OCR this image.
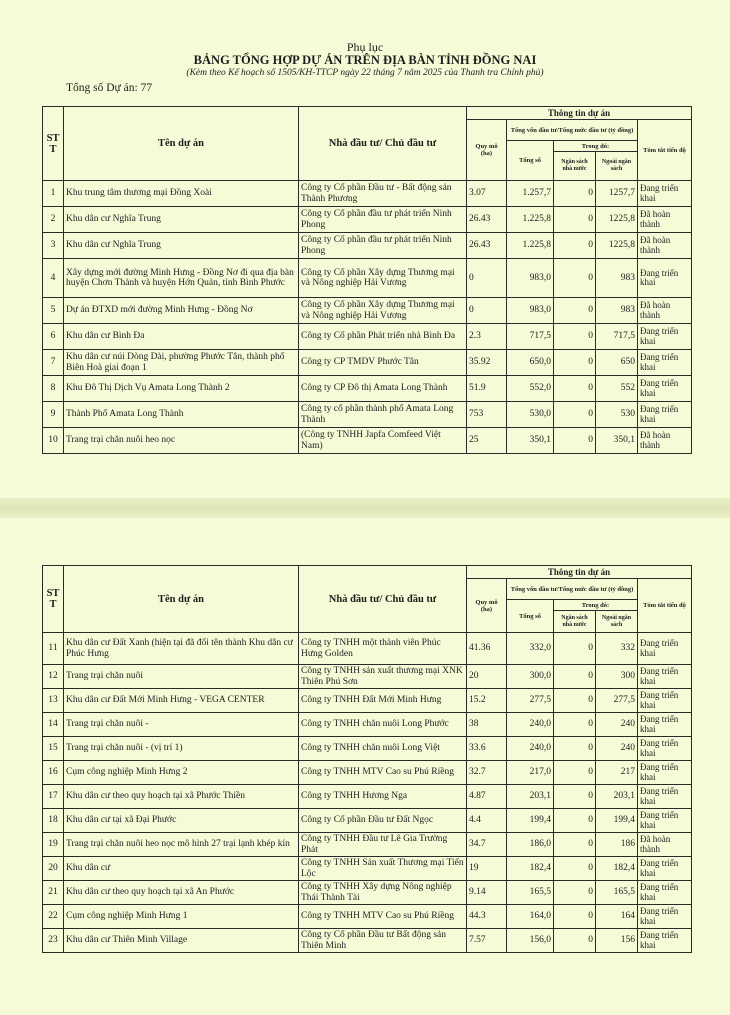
Phụ lục
BẢNG TỔNG HỢP DỰ ÁN TRÊN ĐỊA BÀN TỈNH ĐỒNG NAI
(Kèm theo Kế hoạch số 1505/KH-TTCP ngày 22 tháng 7 năm 2025 của Thanh tra Chính phủ)
Tổng số Dự án: 77
ST T	Tên dự án	Nhà đầu tư/ Chủ đầu tư	Thông tin dự án				
			Quy mô (ha)	Tổng vốn đầu tư/Tổng mức đầu tư (tỷ đồng)			Tóm tắt tiến độ
				Tổng số	Trong đó:		
					Ngân sách nhà nước	Ngoài ngân sách	
1	Khu trung tâm thương mại Đồng Xoài	Công ty Cổ phần Đầu tư - Bất động sản Thành Phương	3.07	1.257,7	0	1257,7	Đang triển khai
2	Khu dân cư Nghĩa Trung	Công ty Cổ phần đầu tư phát triển Ninh Phong	26.43	1.225,8	0	1225,8	Đã hoàn thành
3	Khu dân cư Nghĩa Trung	Công ty Cổ phần đầu tư phát triển Ninh Phong	26.43	1.225,8	0	1225,8	Đã hoàn thành
4	Xây dựng mới đường Minh Hưng - Đồng Nơ đi qua địa bàn huyện Chơn Thành và huyện Hớn Quản, tỉnh Bình Phước	Công ty Cổ phần Xây dựng Thương mại và Nông nghiệp Hải Vương	0	983,0	0	983	Đang triển khai
5	Dự án ĐTXD mới đường Minh Hưng - Đồng Nơ	Công ty Cổ phần Xây dựng Thương mại và Nông nghiệp Hải Vương	0	983,0	0	983	Đã hoàn thành
6	Khu dân cư Bình Đa	Công ty Cổ phần Phát triển nhà Bình Đa	2.3	717,5	0	717,5	Đang triển khai
7	Khu dân cư núi Dòng Dài, phường Phước Tân, thành phố Biên Hoà giai đoạn 1	Công ty CP TMDV Phước Tân	35.92	650,0	0	650	Đang triển khai
8	Khu Đô Thị Dịch Vụ Amata Long Thành 2	Công ty CP Đô thị Amata Long Thành	51.9	552,0	0	552	Đang triển khai
9	Thành Phố Amata Long Thành	Công ty cổ phần thành phố Amata Long Thành	753	530,0	0	530	Đang triển khai
10	Trang trại chăn nuôi heo nọc	(Công ty TNHH Japfa Comfeed Việt Nam)	25	350,1	0	350,1	Đã hoàn thành
ST T	Tên dự án	Nhà đầu tư/ Chủ đầu tư	Thông tin dự án				
			Quy mô (ha)	Tổng vốn đầu tư/Tổng mức đầu tư (tỷ đồng)			Tóm tắt tiến độ
				Tổng số	Trong đó:		
					Ngân sách nhà nước	Ngoài ngân sách	
11	Khu dân cư Đất Xanh (hiện tại đã đổi tên thành Khu dân cư Phúc Hưng	Công ty TNHH một thành viên Phúc Hưng Golden	41.36	332,0	0	332	Đang triển khai
12	Trang trại chăn nuôi	Công ty TNHH sản xuất thương mại XNK Thiên Phú Sơn	20	300,0	0	300	Đang triển khai
13	Khu dân cư Đất Mới Minh Hưng - VEGA CENTER	Công ty TNHH Đất Mới Minh Hưng	15.2	277,5	0	277,5	Đang triển khai
14	Trang trại chăn nuôi -	Công ty TNHH chăn nuôi Long Phước	38	240,0	0	240	Đang triển khai
15	Trang trại chăn nuôi - (vị trí 1)	Công ty TNHH chăn nuôi Long Việt	33.6	240,0	0	240	Đang triển khai
16	Cụm công nghiệp Minh Hưng 2	Công ty TNHH MTV Cao su Phú Riềng	32.7	217,0	0	217	Đang triển khai
17	Khu dân cư theo quy hoạch tại xã Phước Thiền	Công ty TNHH Hương Nga	4.87	203,1	0	203,1	Đang triển khai
18	Khu dân cư tại xã Đại Phước	Công ty Cổ phần Đầu tư Đất Ngọc	4.4	199,4	0	199,4	Đang triển khai
19	Trang trại chăn nuôi heo nọc mô hình 27 trại lạnh khép kín	Công ty TNHH Đầu tư Lê Gia Trường Phát	34.7	186,0	0	186	Đã hoàn thành
20	Khu dân cư	Công ty TNHH Sản xuất Thương mại Tiến Lộc	19	182,4	0	182,4	Đang triển khai
21	Khu dân cư theo quy hoạch tại xã An Phước	Công ty TNHH Xây dựng Nông nghiệp Thái Thành Tài	9.14	165,5	0	165,5	Đang triển khai
22	Cụm công nghiệp Minh Hưng 1	Công ty TNHH MTV Cao su Phú Riềng	44.3	164,0	0	164	Đang triển khai
23	Khu dân cư Thiên Minh Village	Công ty Cổ phần Đầu tư Bất động sản Thiên Minh	7.57	156,0	0	156	Đang triển khai
